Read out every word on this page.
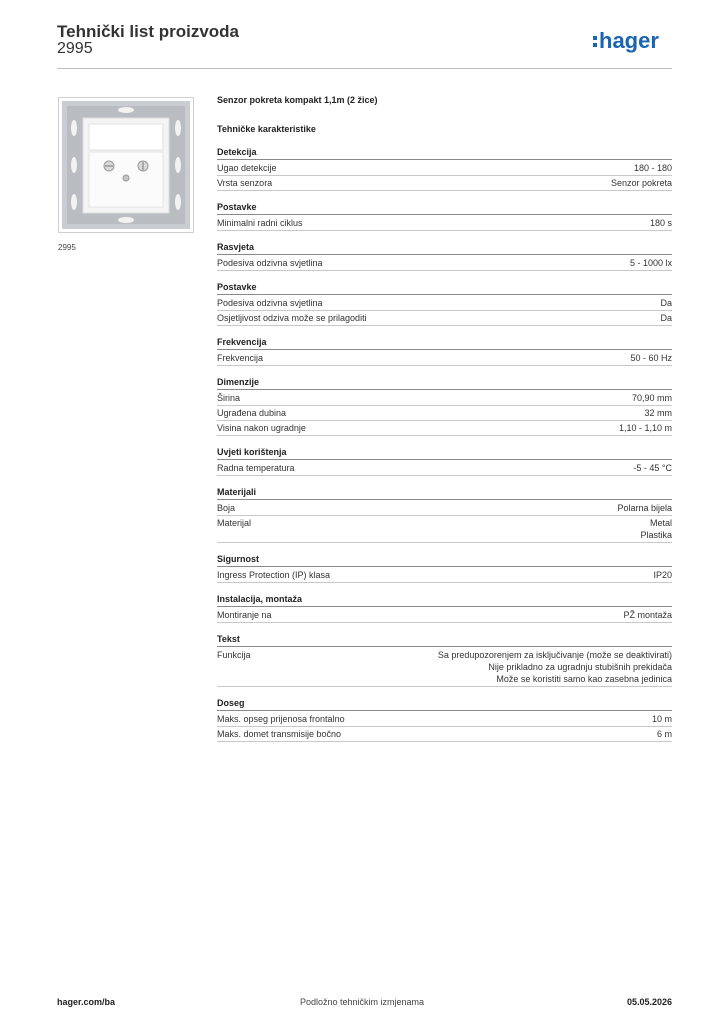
Tehnički list proizvoda
2995	hager
2995
Senzor pokreta kompakt 1,1m (2 žice)
Tehničke karakteristike
Detekcija
Ugao detekcije	180 - 180
Vrsta senzora	Senzor pokreta
Postavke
Minimalni radni ciklus	180 s
Rasvjeta
Podesiva odzivna svjetlina	5 - 1000 lx
Postavke
Podesiva odzivna svjetlina	Da
Osjetljivost odziva može se prilagoditi	Da
Frekvencija
Frekvencija	50 - 60 Hz
Dimenzije
Širina	70,90 mm
Ugrađena dubina	32 mm
Visina nakon ugradnje	1,10 - 1,10 m
Uvjeti korištenja
Radna temperatura	-5 - 45 °C
Materijali
Boja	Polarna bijela
Materijal	Metal
Plastika
Sigurnost
Ingress Protection (IP) klasa	IP20
Instalacija, montaža
Montiranje na	PŽ montaža
Tekst
Funkcija	Sa predupozorenjem za isključivanje (može se deaktivirati)
Nije prikladno za ugradnju stubišnih prekidača
Može se koristiti samo kao zasebna jedinica
Doseg
Maks. opseg prijenosa frontalno	10 m
Maks. domet transmisije bočno	6 m
hager.com/ba	Podložno tehničkim izmjenama	05.05.2026
